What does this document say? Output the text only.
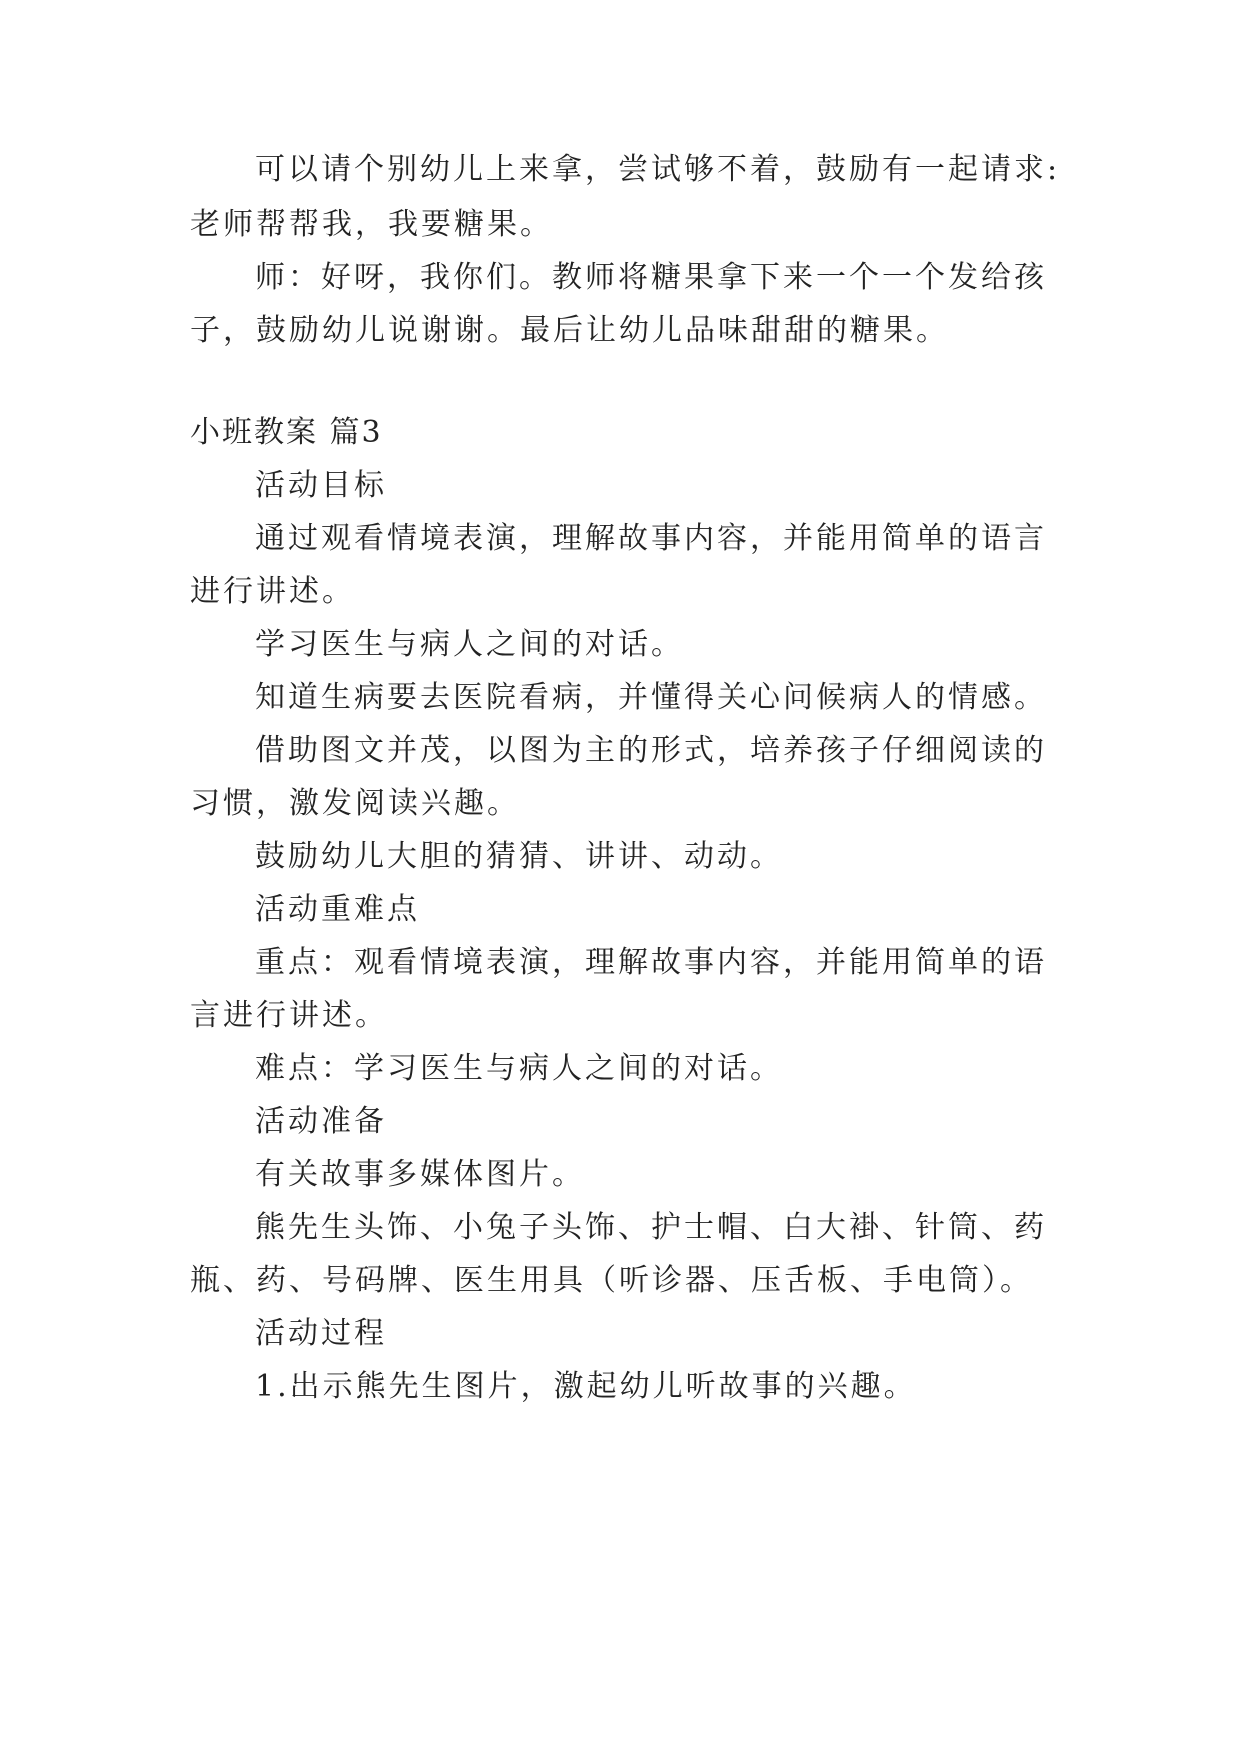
可以请个别幼儿上来拿，尝试够不着，鼓励有一起请求:
老师帮帮我，我要糖果。
师：好呀，我你们。教师将糖果拿下来一个一个发给孩
子，鼓励幼儿说谢谢。最后让幼儿品味甜甜的糖果。
小班教案 篇3
活动目标
通过观看情境表演，理解故事内容，并能用简单的语言
进行讲述。
学习医生与病人之间的对话。
知道生病要去医院看病，并懂得关心问候病人的情感。
借助图文并茂，以图为主的形式，培养孩子仔细阅读的
习惯，激发阅读兴趣。
鼓励幼儿大胆的猜猜、讲讲、动动。
活动重难点
重点：观看情境表演，理解故事内容，并能用简单的语
言进行讲述。
难点：学习医生与病人之间的对话。
活动准备
有关故事多媒体图片。
熊先生头饰、小兔子头饰、护士帽、白大褂、针筒、药
瓶、药、号码牌、医生用具（听诊器、压舌板、手电筒）。
活动过程
1.出示熊先生图片，激起幼儿听故事的兴趣。
